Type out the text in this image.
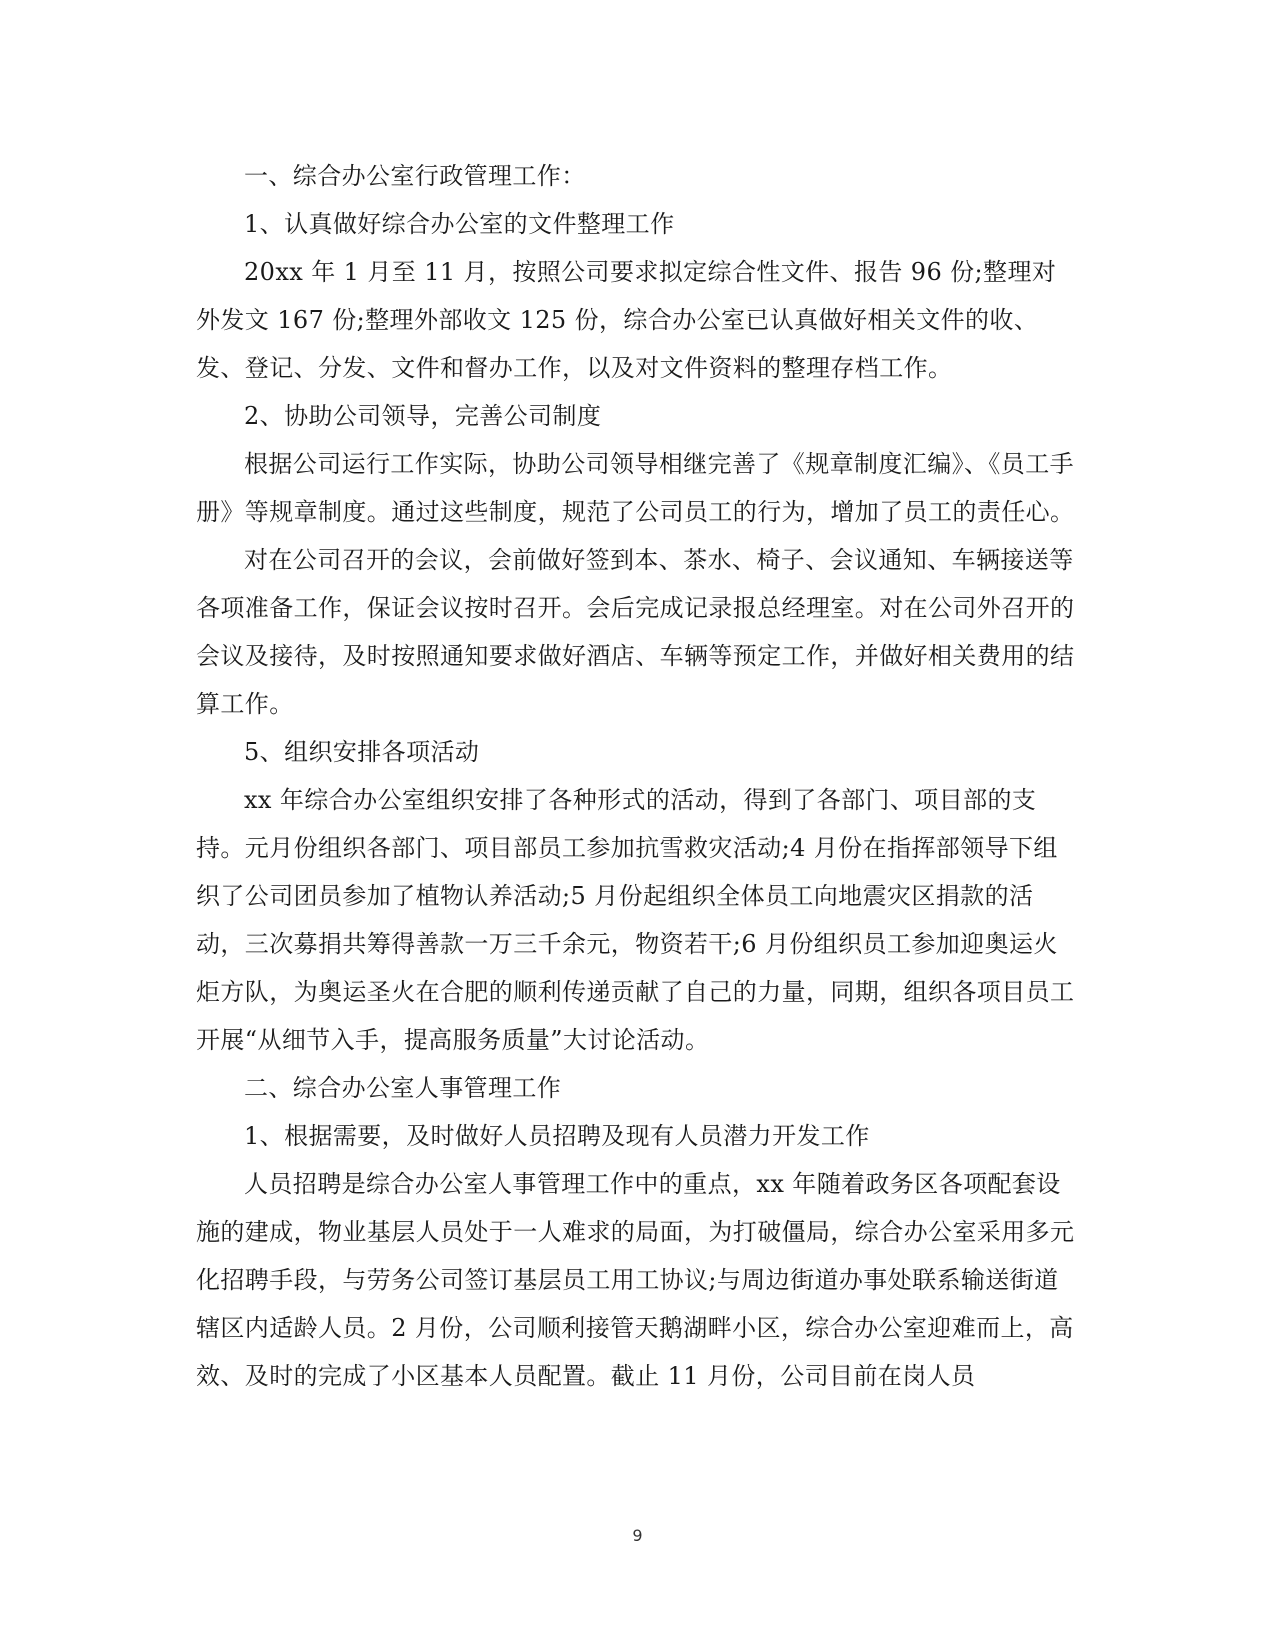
一、综合办公室行政管理工作：

1、认真做好综合办公室的文件整理工作

20xx 年 1 月至 11 月，按照公司要求拟定综合性文件、报告 96 份;整理对外发文 167 份;整理外部收文 125 份，综合办公室已认真做好相关文件的收、发、登记、分发、文件和督办工作，以及对文件资料的整理存档工作。

2、协助公司领导，完善公司制度

根据公司运行工作实际，协助公司领导相继完善了《规章制度汇编》、《员工手册》等规章制度。通过这些制度，规范了公司员工的行为，增加了员工的责任心。

对在公司召开的会议，会前做好签到本、茶水、椅子、会议通知、车辆接送等各项准备工作，保证会议按时召开。会后完成记录报总经理室。对在公司外召开的会议及接待，及时按照通知要求做好酒店、车辆等预定工作，并做好相关费用的结算工作。

5、组织安排各项活动

xx 年综合办公室组织安排了各种形式的活动，得到了各部门、项目部的支持。元月份组织各部门、项目部员工参加抗雪救灾活动;4 月份在指挥部领导下组织了公司团员参加了植物认养活动;5 月份起组织全体员工向地震灾区捐款的活动，三次募捐共筹得善款一万三千余元，物资若干;6 月份组织员工参加迎奥运火炬方队，为奥运圣火在合肥的顺利传递贡献了自己的力量，同期，组织各项目员工开展“从细节入手，提高服务质量”大讨论活动。

二、综合办公室人事管理工作

1、根据需要，及时做好人员招聘及现有人员潜力开发工作

人员招聘是综合办公室人事管理工作中的重点，xx 年随着政务区各项配套设施的建成，物业基层人员处于一人难求的局面，为打破僵局，综合办公室采用多元化招聘手段，与劳务公司签订基层员工用工协议;与周边街道办事处联系输送街道辖区内适龄人员。2 月份，公司顺利接管天鹅湖畔小区，综合办公室迎难而上，高效、及时的完成了小区基本人员配置。截止 11 月份，公司目前在岗人员

9
